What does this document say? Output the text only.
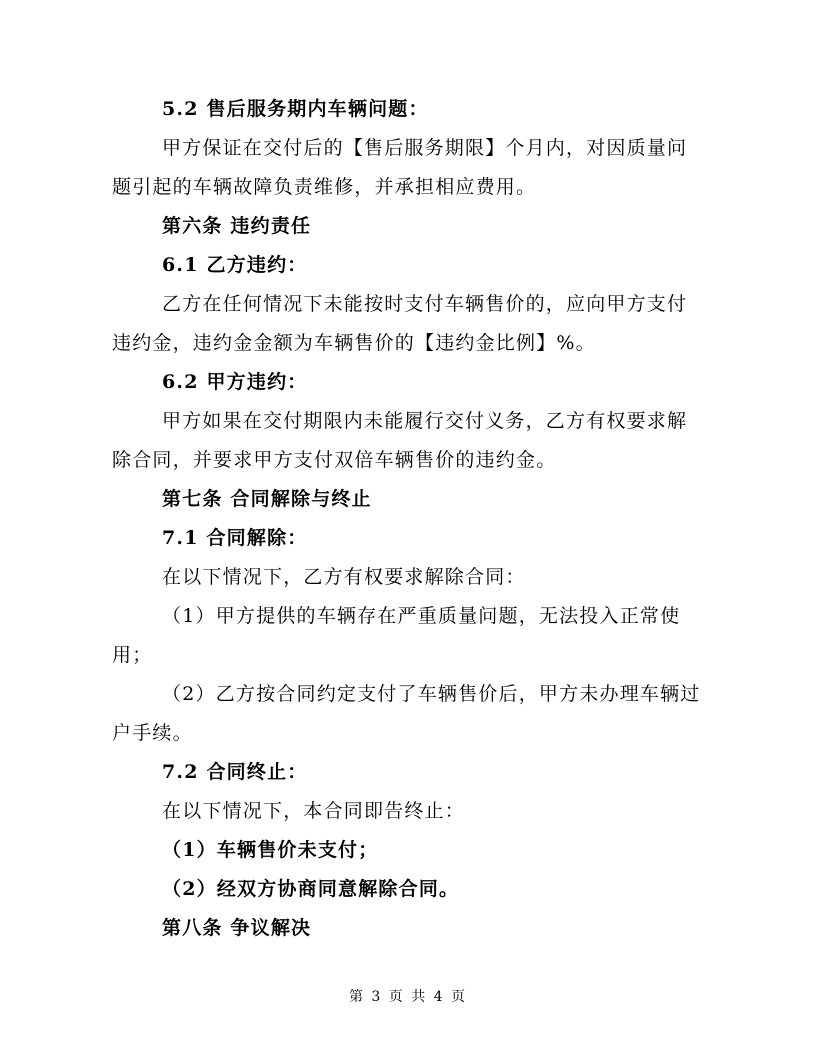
5.2 售后服务期内车辆问题：
甲方保证在交付后的【售后服务期限】个月内，对因质量问
题引起的车辆故障负责维修，并承担相应费用。
第六条 违约责任
6.1 乙方违约：
乙方在任何情况下未能按时支付车辆售价的，应向甲方支付
违约金，违约金金额为车辆售价的【违约金比例】%。
6.2 甲方违约：
甲方如果在交付期限内未能履行交付义务，乙方有权要求解
除合同，并要求甲方支付双倍车辆售价的违约金。
第七条 合同解除与终止
7.1 合同解除：
在以下情况下，乙方有权要求解除合同：
（1）甲方提供的车辆存在严重质量问题，无法投入正常使
用；
（2）乙方按合同约定支付了车辆售价后，甲方未办理车辆过
户手续。
7.2 合同终止：
在以下情况下，本合同即告终止：
（1）车辆售价未支付；
（2）经双方协商同意解除合同。
第八条 争议解决
第 3 页 共 4 页
